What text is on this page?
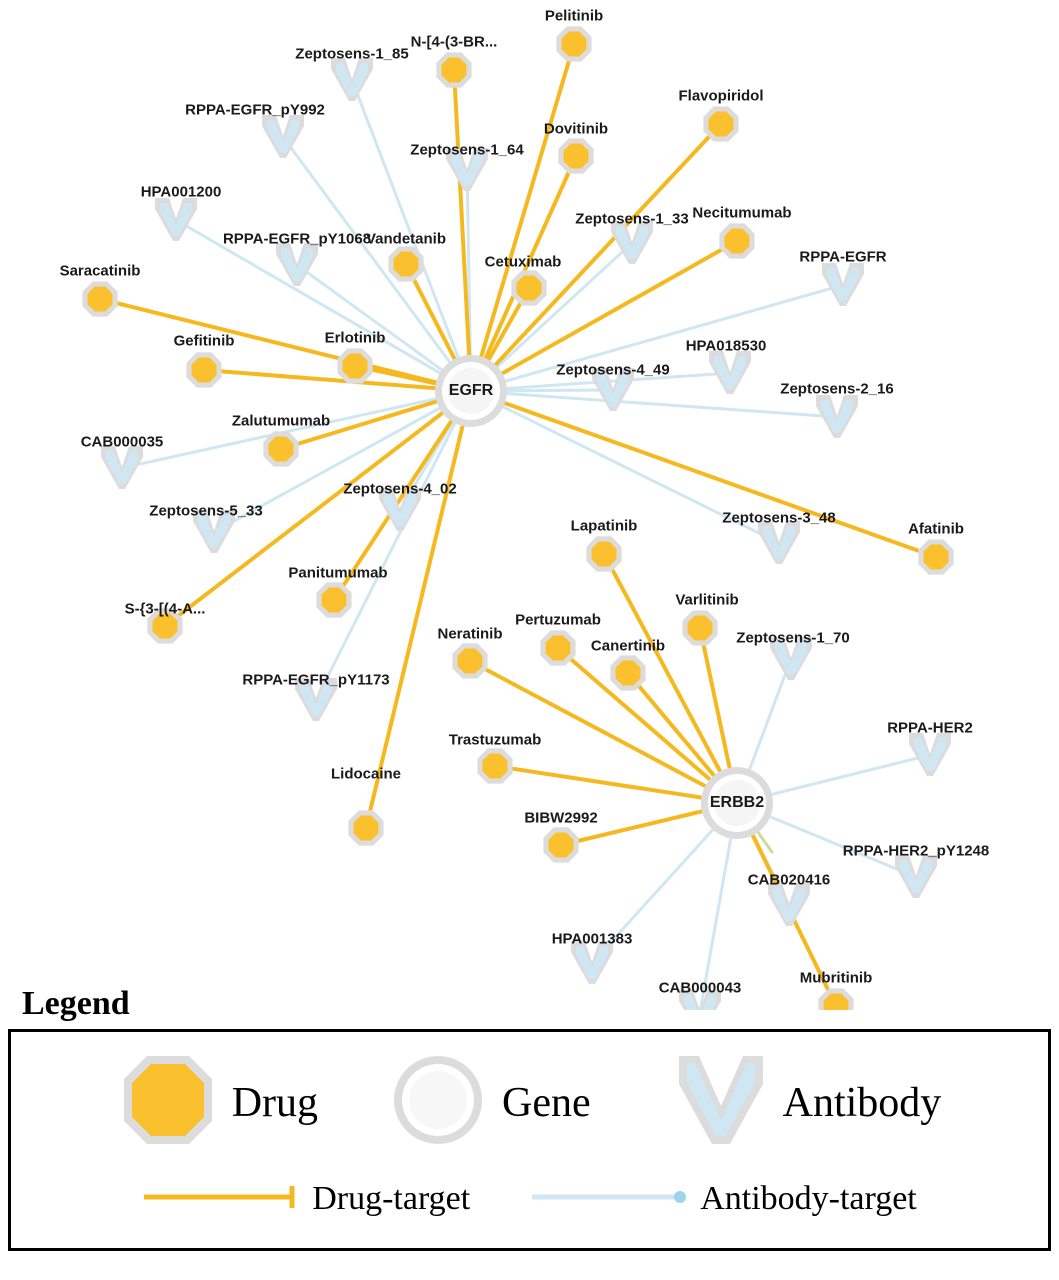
Pelitinib
N-[4-(3-BR...
Flavopiridol
Dovitinib
Necitumumab
Vandetanib
Cetuximab
Saracatinib
Gefitinib	Erlotinib
Zalutumumab
Afatinib
Lapatinib
Varlitinib
Panitumumab
S-{3-[(4-A...
Pertuzumab
Neratinib
Canertinib
Trastuzumab
Lidocaine
BIBW2992
Mubritinib
Zeptosens-1_85
RPPA-EGFR_pY992
Zeptosens-1_64
HPA001200
Zeptosens-1_33
RPPA-EGFR_pY1068
RPPA-EGFR
HPA018530
Zeptosens-4_49
Zeptosens-2_16
CAB000035
Zeptosens-4_02
Zeptosens-5_33	Zeptosens-3_48
Zeptosens-1_70
RPPA-EGFR_pY1173
RPPA-HER2
RPPA-HER2_pY1248
CAB020416
HPA001383
CAB000043
EGFR
ERBB2
Legend
Drug	Gene	Antibody
Drug-target	Antibody-target
